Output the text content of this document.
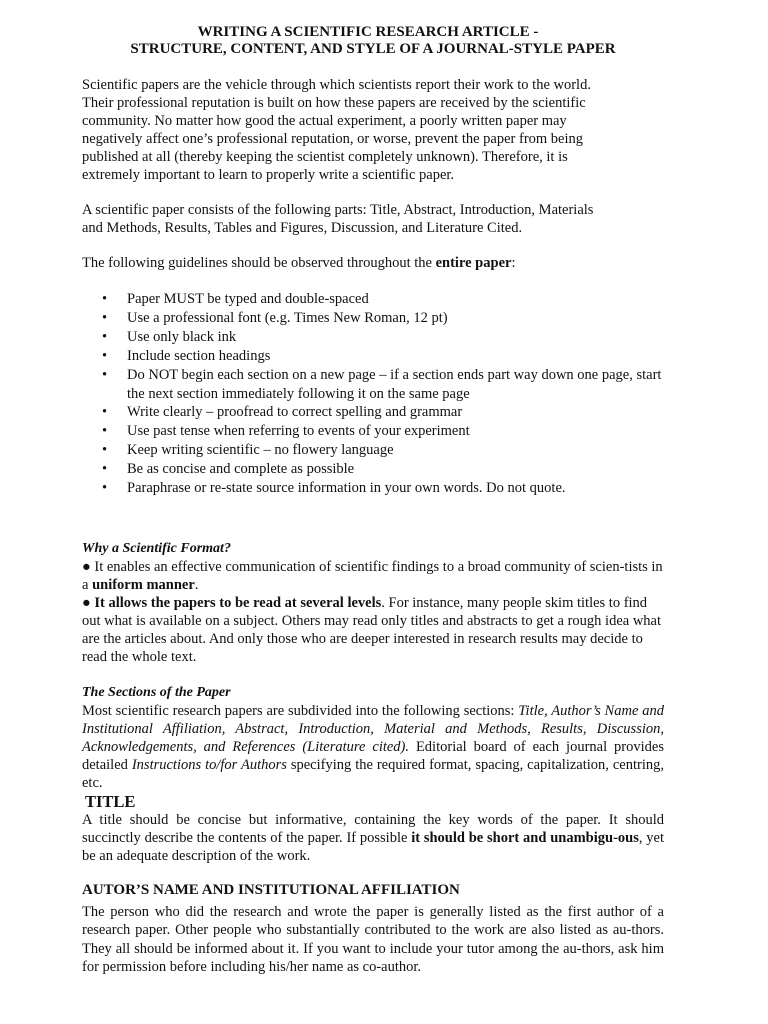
WRITING A SCIENTIFIC RESEARCH ARTICLE -

STRUCTURE, CONTENT, AND STYLE OF A JOURNAL-STYLE PAPER

Scientific papers are the vehicle through which scientists report their work to the world.

Their professional reputation is built on how these papers are received by the scientific

community. No matter how good the actual experiment, a poorly written paper may

negatively affect one’s professional reputation, or worse, prevent the paper from being

published at all (thereby keeping the scientist completely unknown). Therefore, it is

extremely important to learn to properly write a scientific paper.

A scientific paper consists of the following parts: Title, Abstract, Introduction, Materials

and Methods, Results, Tables and Figures, Discussion, and Literature Cited.

The following guidelines should be observed throughout the entire paper:

• Paper MUST be typed and double-spaced
• Use a professional font (e.g. Times New Roman, 12 pt)
• Use only black ink
• Include section headings
• Do NOT begin each section on a new page – if a section ends part way down one page, start the next section immediately following it on the same page
• Write clearly – proofread to correct spelling and grammar
• Use past tense when referring to events of your experiment
• Keep writing scientific – no flowery language
• Be as concise and complete as possible
• Paraphrase or re-state source information in your own words. Do not quote.

Why a Scientific Format?

● It enables an effective communication of scientific findings to a broad community of scien-tists in a uniform manner.

● It allows the papers to be read at several levels. For instance, many people skim titles to find out what is available on a subject. Others may read only titles and abstracts to get a rough idea what are the articles about. And only those who are deeper interested in research results may decide to read the whole text.

The Sections of the Paper

Most scientific research papers are subdivided into the following sections: Title, Author’s Name and Institutional Affiliation, Abstract, Introduction, Material and Methods, Results, Discussion, Acknowledgements, and References (Literature cited). Editorial board of each journal provides detailed Instructions to/for Authors specifying the required format, spacing, capitalization, centring, etc.

TITLE

A title should be concise but informative, containing the key words of the paper. It should succinctly describe the contents of the paper. If possible it should be short and unambigu-ous, yet be an adequate description of the work.

AUTOR’S NAME AND INSTITUTIONAL AFFILIATION

The person who did the research and wrote the paper is generally listed as the first author of a research paper. Other people who substantially contributed to the work are also listed as au-thors. They all should be informed about it. If you want to include your tutor among the au-thors, ask him for permission before including his/her name as co-author.
